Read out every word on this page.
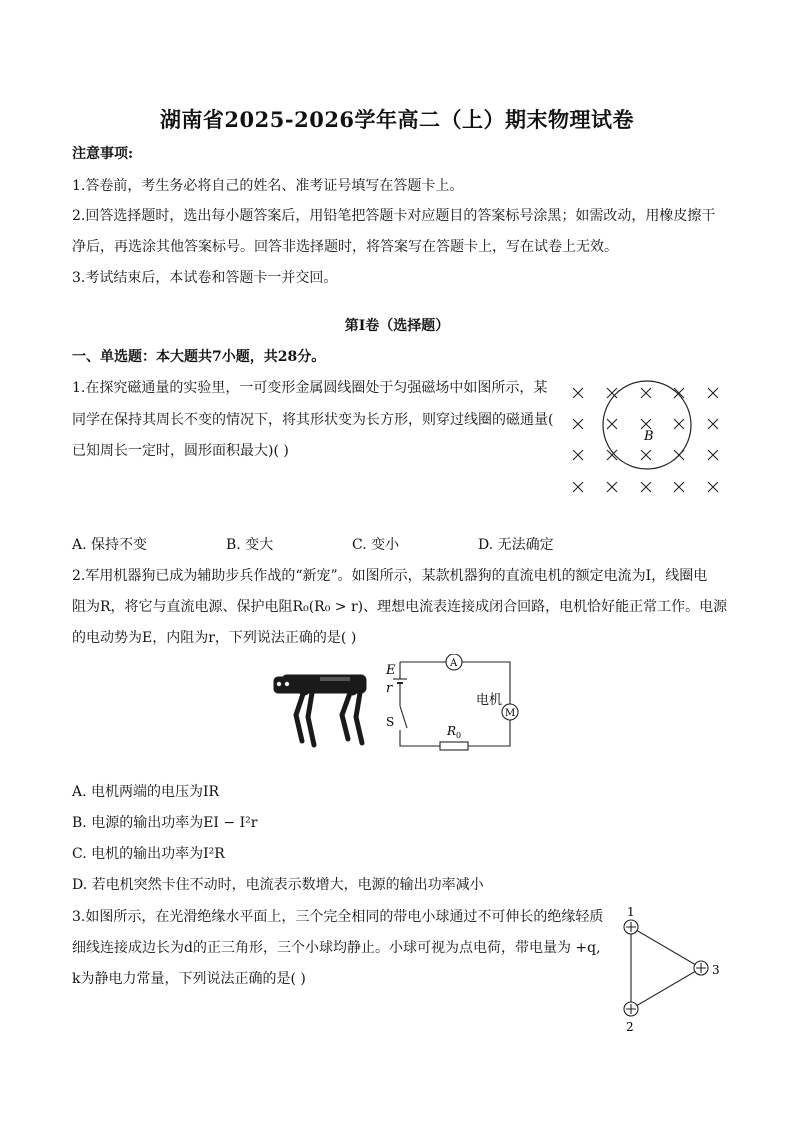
湖南省2025-2026学年高二（上）期末物理试卷
注意事项:
1.答卷前，考生务必将自己的姓名、准考证号填写在答题卡上。
2.回答选择题时，选出每小题答案后，用铅笔把答题卡对应题目的答案标号涂黑；如需改动，用橡皮擦干
净后，再选涂其他答案标号。回答非选择题时，将答案写在答题卡上，写在试卷上无效。
3.考试结束后，本试卷和答题卡一并交回。
第I卷（选择题）
一、单选题：本大题共7小题，共28分。
1.在探究磁通量的实验里，一可变形金属圆线圈处于匀强磁场中如图所示，某
同学在保持其周长不变的情况下，将其形状变为长方形，则穿过线圈的磁通量(
已知周长一定时，圆形面积最大)( )
B
A. 保持不变	B. 变大	C. 变小	D. 无法确定
2.军用机器狗已成为辅助步兵作战的“新宠”。如图所示，某款机器狗的直流电机的额定电流为I，线圈电
阻为R，将它与直流电源、保护电阻R₀(R₀ > r)、理想电流表连接成闭合回路，电机恰好能正常工作。电源
的电动势为E，内阻为r，下列说法正确的是( )
E
r
S
A
M
电机
R 0
A. 电机两端的电压为IR
B. 电源的输出功率为EI − I²r
C. 电机的输出功率为I²R
D. 若电机突然卡住不动时，电流表示数增大，电源的输出功率减小
3.如图所示，在光滑绝缘水平面上，三个完全相同的带电小球通过不可伸长的绝缘轻质
细线连接成边长为d的正三角形，三个小球均静止。小球可视为点电荷，带电量为 +q,
k为静电力常量，下列说法正确的是( )
1
2
3
